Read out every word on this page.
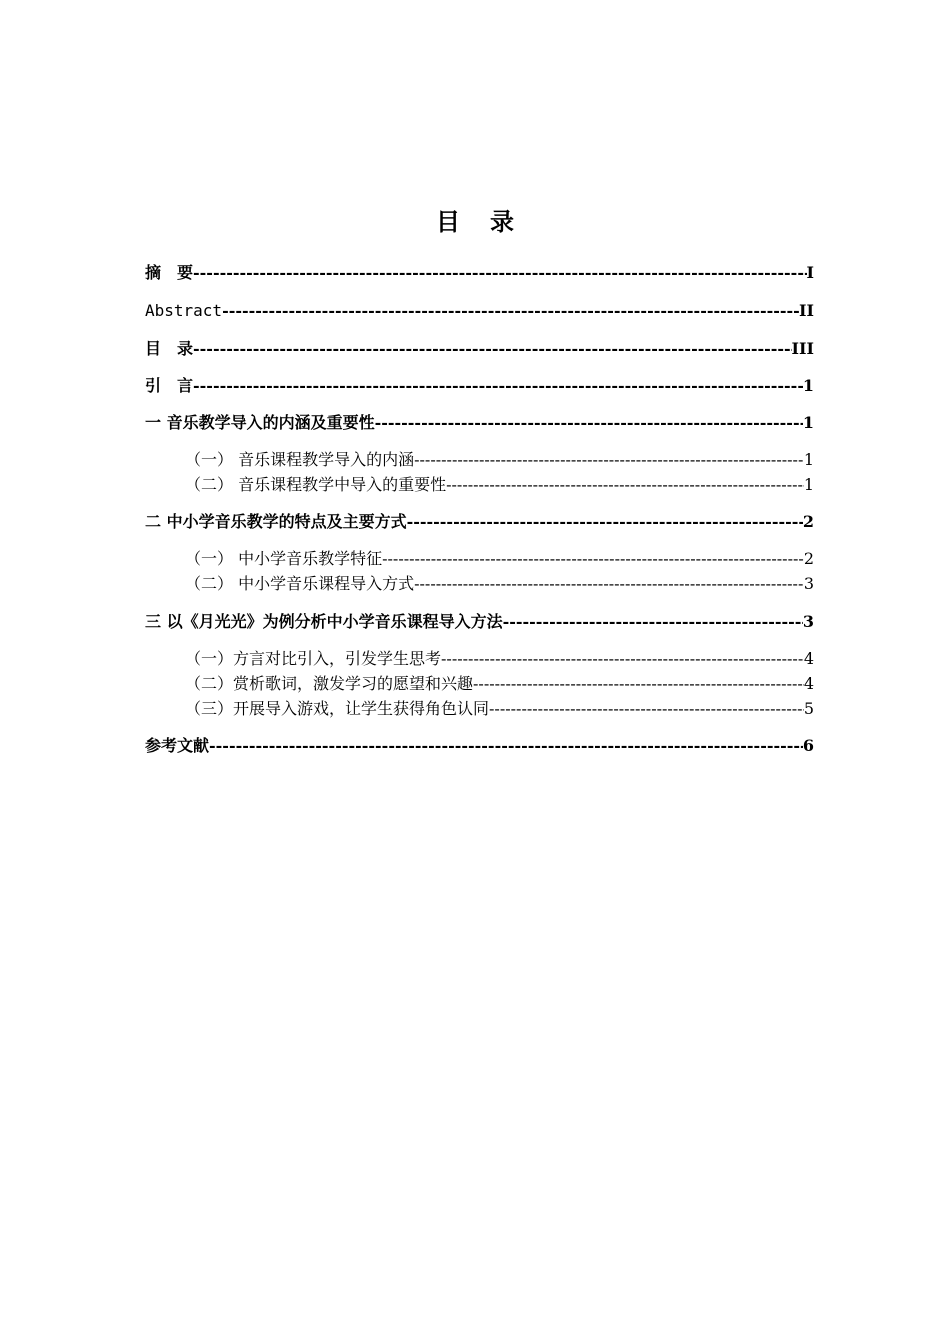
目 录
摘　要 -----	I
Abstract -----	II
目　录 -----	III
引　言 -----	1
一 音乐教学导入的内涵及重要性 -----	1
（一） 音乐课程教学导入的内涵 -----	1
（二） 音乐课程教学中导入的重要性 -----	1
二 中小学音乐教学的特点及主要方式 -----	2
（一） 中小学音乐教学特征 -----	2
（二） 中小学音乐课程导入方式 -----	3
三 以《月光光》为例分析中小学音乐课程导入方法 -----	3
（一）方言对比引入，引发学生思考 -----	4
（二）赏析歌词，激发学习的愿望和兴趣 -----	4
（三）开展导入游戏，让学生获得角色认同 -----	5
参考文献 -----	6
